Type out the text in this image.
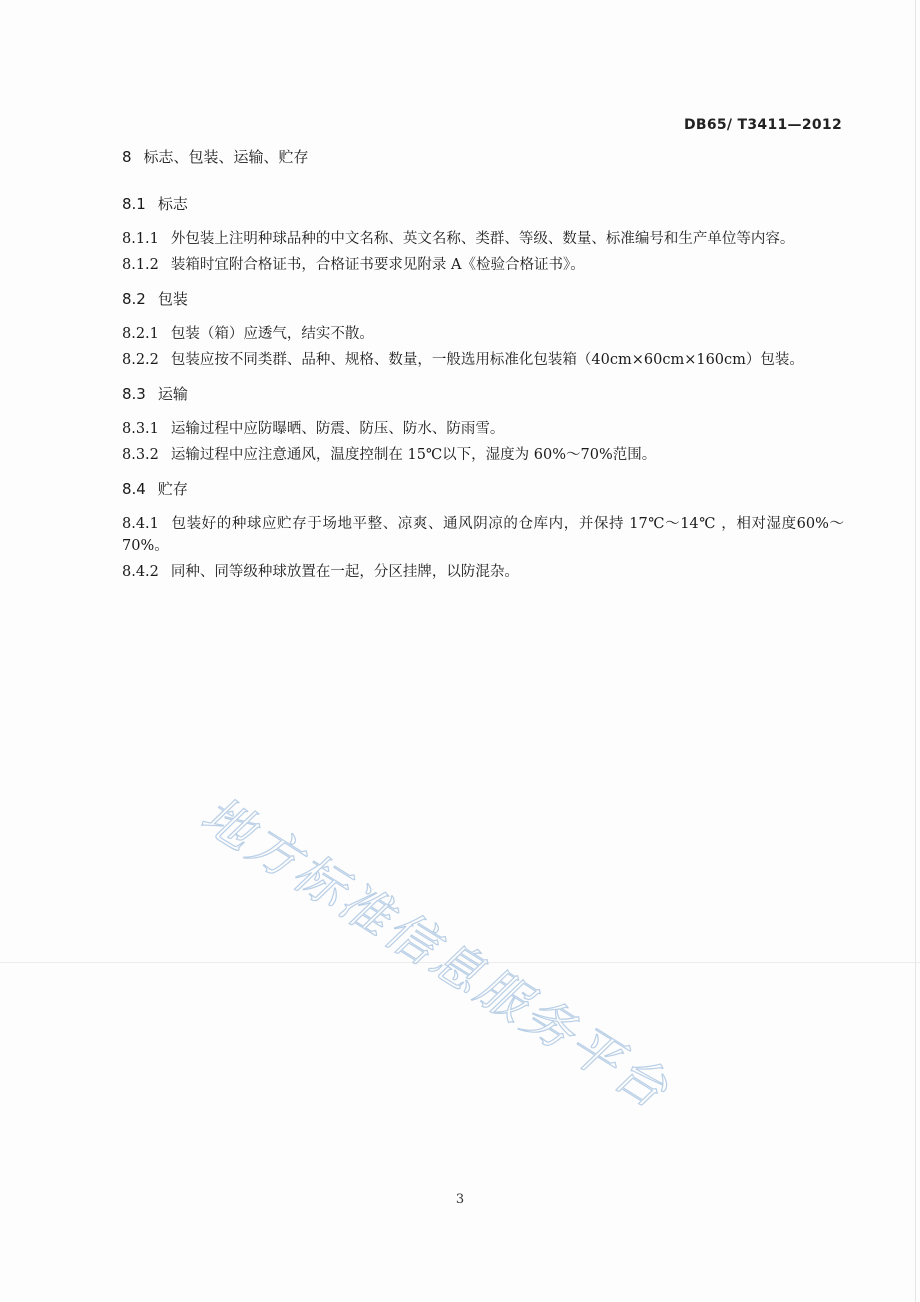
DB65/ T3411—2012

8 标志、包装、运输、贮存

8.1 标志

8.1.1 外包装上注明种球品种的中文名称、英文名称、类群、等级、数量、标准编号和生产单位等内容。

8.1.2 装箱时宜附合格证书，合格证书要求见附录 A《检验合格证书》。

8.2 包装

8.2.1 包装（箱）应透气，结实不散。

8.2.2 包装应按不同类群、品种、规格、数量，一般选用标准化包装箱（40cm×60cm×160cm）包装。

8.3 运输

8.3.1 运输过程中应防曝晒、防震、防压、防水、防雨雪。

8.3.2 运输过程中应注意通风，温度控制在 15℃以下，湿度为 60%～70%范围。

8.4 贮存

8.4.1 包装好的种球应贮存于场地平整、凉爽、通风阴凉的仓库内，并保持 17℃～14℃ ，相对湿度60%～70%。

8.4.2 同种、同等级种球放置在一起，分区挂牌，以防混杂。

地方标准信息服务平台
3
